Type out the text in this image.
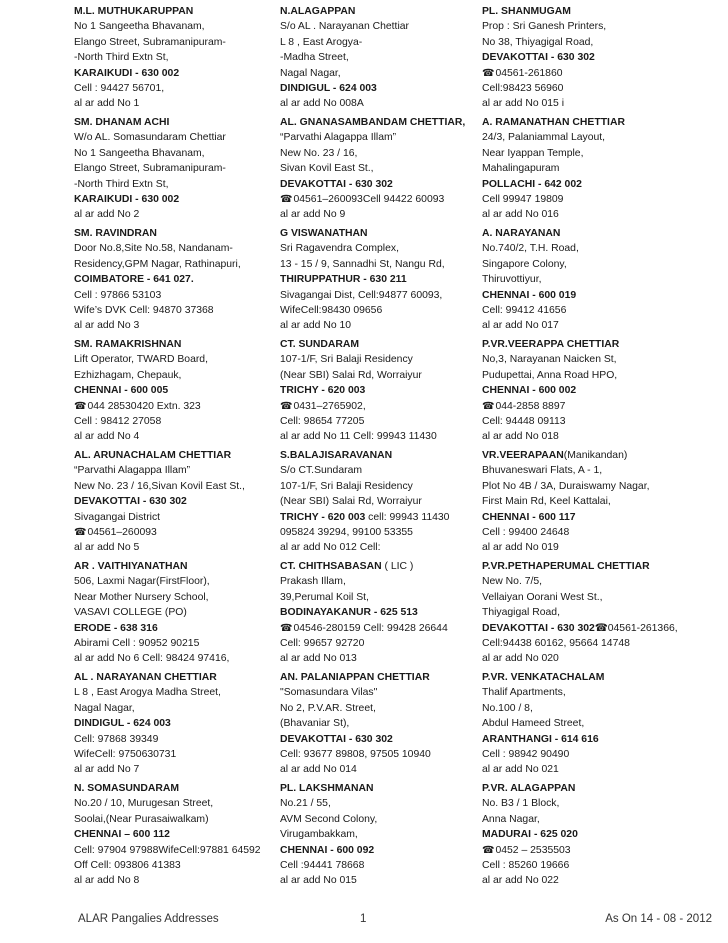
M.L. MUTHUKARUPPAN
No 1 Sangeetha Bhavanam,
Elango Street, Subramanipuram-
-North Third Extn St,
KARAIKUDI - 630 002
Cell : 94427 56701,
al ar add No 1
N.ALAGAPPAN
S/o AL . Narayanan Chettiar
L 8 , East Arogya-
-Madha Street,
Nagal Nagar,
DINDIGUL - 624 003
al ar add No 008A
PL. SHANMUGAM
Prop : Sri Ganesh Printers,
No 38, Thiyagigal Road,
DEVAKOTTAI - 630 302
☎ 04561-261860
Cell:98423 56960
al ar add No 015 i
SM. DHANAM ACHI
W/o AL. Somasundaram Chettiar
No 1 Sangeetha Bhavanam,
Elango Street, Subramanipuram-
-North Third Extn St,
KARAIKUDI - 630 002
al ar add No 2
AL. GNANASAMBANDAM CHETTIAR,
“Parvathi Alagappa Illam”
New No. 23 / 16,
Sivan Kovil East St.,
DEVAKOTTAI - 630 302
☎ 04561–260093Cell 94422 60093
al ar add No 9
A. RAMANATHAN CHETTIAR
24/3, Palaniammal Layout,
Near Iyappan Temple,
Mahalingapuram
POLLACHI - 642 002
Cell 99947 19809
al ar add No 016
SM. RAVINDRAN
Door No.8,Site No.58, Nandanam-
Residency,GPM Nagar, Rathinapuri,
COIMBATORE - 641 027.
Cell : 97866 53103
Wife’s DVK Cell: 94870 37368
al ar add No 3
G VISWANATHAN
Sri Ragavendra Complex,
13 - 15 / 9, Sannadhi St, Nangu Rd,
THIRUPPATHUR - 630 211
Sivagangai Dist, Cell:94877 60093,
WifeCell:98430 09656
al ar add No 10
A. NARAYANAN
No.740/2, T.H. Road,
Singapore Colony,
Thiruvottiyur,
CHENNAI - 600 019
Cell: 99412 41656
al ar add No 017
SM. RAMAKRISHNAN
Lift Operator, TWARD Board,
Ezhizhagam, Chepauk,
CHENNAI - 600 005
☎ 044 28530420 Extn. 323
Cell : 98412 27058
al ar add No 4
CT. SUNDARAM
107-1/F, Sri Balaji Residency
(Near SBI) Salai Rd, Worraiyur
TRICHY - 620 003
☎ 0431–2765902,
Cell: 98654 77205
al ar add No 11 Cell: 99943 11430
P.VR.VEERAPPA CHETTIAR
No,3, Narayanan Naicken St,
Pudupettai, Anna Road HPO,
CHENNAI - 600 002
☎ 044-2858 8897
Cell: 94448 09113
al ar add No 018
AL. ARUNACHALAM CHETTIAR
“Parvathi Alagappa Illam”
New No. 23 / 16,Sivan Kovil East St.,
DEVAKOTTAI - 630 302
Sivagangai District
☎ 04561–260093
al ar add No 5
S.BALAJISARAVANAN
S/o CT.Sundaram
107-1/F, Sri Balaji Residency
(Near SBI) Salai Rd, Worraiyur
TRICHY - 620 003 cell: 99943 11430
095824 39294, 99100 53355
al ar add No 012 Cell:
VR.VEERAPAAN(Manikandan)
Bhuvaneswari Flats, A - 1,
Plot No 4B / 3A, Duraiswamy Nagar,
First Main Rd, Keel Kattalai,
CHENNAI - 600 117
Cell : 99400 24648
al ar add No 019
AR . VAITHIYANATHAN
506, Laxmi Nagar(FirstFloor),
Near Mother Nursery School,
VASAVI COLLEGE (PO)
ERODE - 638 316
Abirami Cell : 90952 90215
al ar add No 6 Cell: 98424 97416,
CT. CHITHSABASAN ( LIC )
Prakash Illam,
39,Perumal Koil St,
BODINAYAKANUR - 625 513
☎ 04546-280159 Cell: 99428 26644
Cell: 99657 92720
al ar add No 013
P.VR.PETHAPERUMAL CHETTIAR
New No. 7/5,
Vellaiyan Oorani West St.,
Thiyagigal Road,
DEVAKOTTAI - 630 302☎04561-261366,
Cell:94438 60162, 95664 14748
al ar add No 020
AL . NARAYANAN CHETTIAR
L 8 , East Arogya Madha Street,
Nagal Nagar,
DINDIGUL - 624 003
Cell: 97868 39349
WifeCell: 9750630731
al ar add No 7
AN. PALANIAPPAN CHETTIAR
"Somasundara Vilas"
No 2, P.V.AR. Street,
(Bhavaniar St),
DEVAKOTTAI - 630 302
Cell: 93677 89808, 97505 10940
al ar add No 014
P.VR. VENKATACHALAM
Thalif Apartments,
No.100 / 8,
Abdul Hameed Street,
ARANTHANGI - 614 616
Cell : 98942 90490
al ar add No 021
N. SOMASUNDARAM
No.20 / 10, Murugesan Street,
Soolai,(Near Purasaiwalkam)
CHENNAI – 600 112
Cell: 97904 97988WifeCell:97881 64592
Off Cell: 093806 41383
al ar add No 8
PL. LAKSHMANAN
No.21 / 55,
AVM Second Colony,
Virugambakkam,
CHENNAI - 600 092
Cell :94441 78668
al ar add No 015
P.VR. ALAGAPPAN
No. B3 / 1 Block,
Anna Nagar,
MADURAI - 625 020
☎ 0452 – 2535503
Cell : 85260 19666
al ar add No 022
ALAR Pangalies Addresses	1	As On 14 - 08 - 2012
